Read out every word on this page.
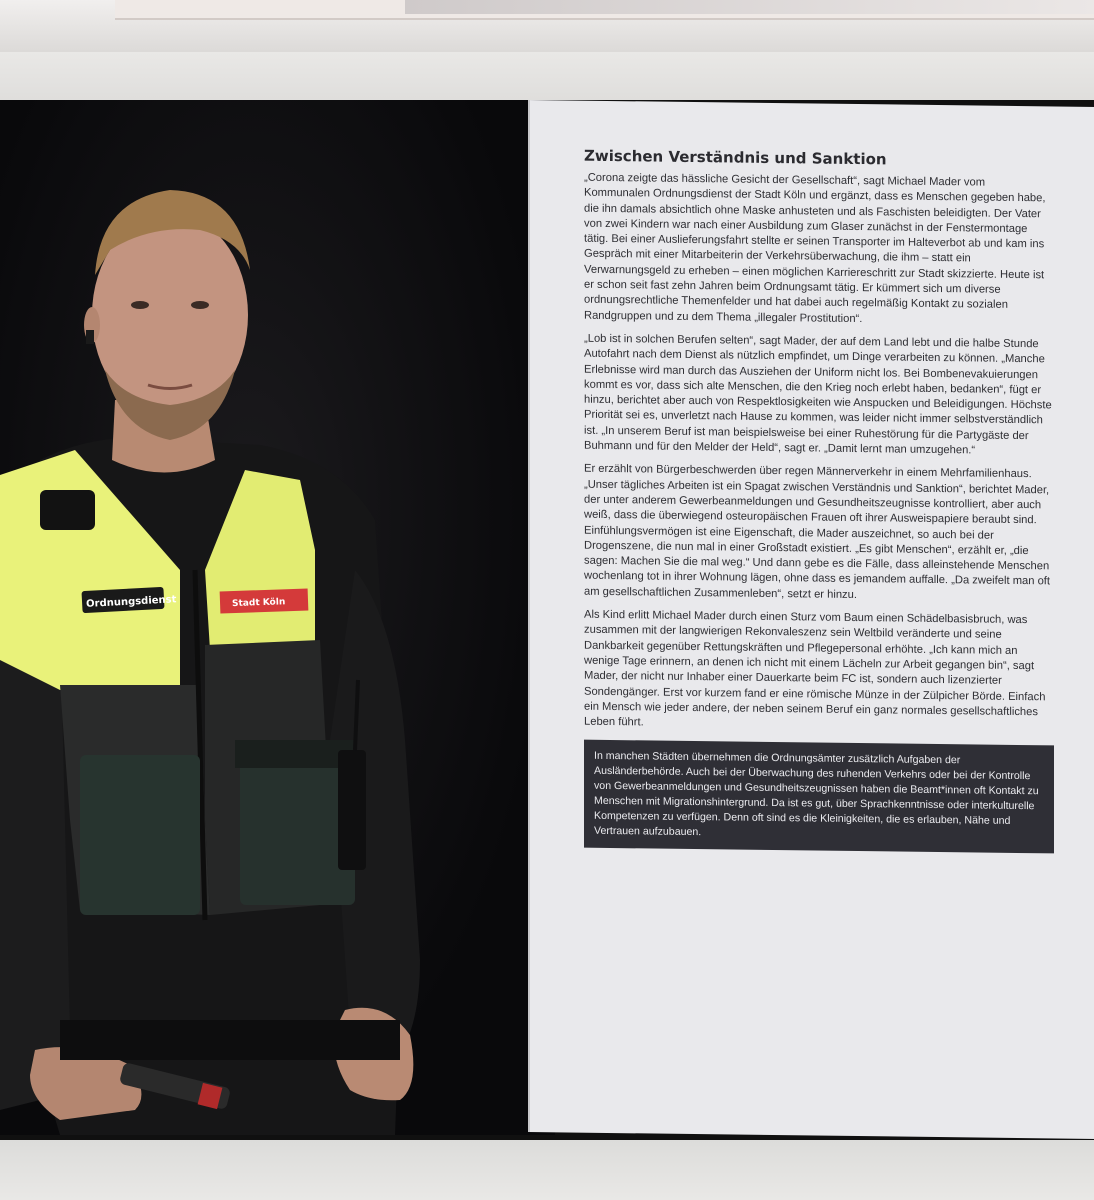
Ordnungsdienst	Stadt Köln
Zwischen Verständnis und Sanktion

„Corona zeigte das hässliche Gesicht der Gesellschaft“, sagt Michael Mader vom Kommunalen Ordnungsdienst der Stadt Köln und ergänzt, dass es Menschen gegeben habe, die ihn damals absichtlich ohne Maske anhusteten und als Faschisten beleidigten. Der Vater von zwei Kindern war nach einer Ausbildung zum Glaser zunächst in der Fenstermontage tätig. Bei einer Auslieferungsfahrt stellte er seinen Transporter im Halteverbot ab und kam ins Gespräch mit einer Mitarbeiterin der Verkehrsüberwachung, die ihm – statt ein Verwarnungsgeld zu erheben – einen möglichen Karriereschritt zur Stadt skizzierte. Heute ist er schon seit fast zehn Jahren beim Ordnungsamt tätig. Er kümmert sich um diverse ordnungsrechtliche Themenfelder und hat dabei auch regelmäßig Kontakt zu sozialen Randgruppen und zu dem Thema „illegaler Prostitution“.

„Lob ist in solchen Berufen selten“, sagt Mader, der auf dem Land lebt und die halbe Stunde Autofahrt nach dem Dienst als nützlich empfindet, um Dinge verarbeiten zu können. „Manche Erlebnisse wird man durch das Ausziehen der Uniform nicht los. Bei Bombenevakuierungen kommt es vor, dass sich alte Menschen, die den Krieg noch erlebt haben, bedanken“, fügt er hinzu, berichtet aber auch von Respektlosigkeiten wie Anspucken und Beleidigungen. Höchste Priorität sei es, unverletzt nach Hause zu kommen, was leider nicht immer selbstverständlich ist. „In unserem Beruf ist man beispielsweise bei einer Ruhestörung für die Partygäste der Buhmann und für den Melder der Held“, sagt er. „Damit lernt man umzugehen.“

Er erzählt von Bürgerbeschwerden über regen Männerverkehr in einem Mehrfamilienhaus. „Unser tägliches Arbeiten ist ein Spagat zwischen Verständnis und Sanktion“, berichtet Mader, der unter anderem Gewerbeanmeldungen und Gesundheitszeugnisse kontrolliert, aber auch weiß, dass die überwiegend osteuropäischen Frauen oft ihrer Ausweispapiere beraubt sind. Einfühlungsvermögen ist eine Eigenschaft, die Mader auszeichnet, so auch bei der Drogenszene, die nun mal in einer Großstadt existiert. „Es gibt Menschen“, erzählt er, „die sagen: Machen Sie die mal weg.“ Und dann gebe es die Fälle, dass alleinstehende Menschen wochenlang tot in ihrer Wohnung lägen, ohne dass es jemandem auffalle. „Da zweifelt man oft am gesellschaftlichen Zusammenleben“, setzt er hinzu.

Als Kind erlitt Michael Mader durch einen Sturz vom Baum einen Schädelbasisbruch, was zusammen mit der langwierigen Rekonvaleszenz sein Weltbild veränderte und seine Dankbarkeit gegenüber Rettungskräften und Pflegepersonal erhöhte. „Ich kann mich an wenige Tage erinnern, an denen ich nicht mit einem Lächeln zur Arbeit gegangen bin“, sagt Mader, der nicht nur Inhaber einer Dauerkarte beim FC ist, sondern auch lizenzierter Sondengänger. Erst vor kurzem fand er eine römische Münze in der Zülpicher Börde. Einfach ein Mensch wie jeder andere, der neben seinem Beruf ein ganz normales gesellschaftliches Leben führt.

In manchen Städten übernehmen die Ordnungsämter zusätzlich Aufgaben der Ausländerbehörde. Auch bei der Überwachung des ruhenden Verkehrs oder bei der Kontrolle von Gewerbeanmeldungen und Gesundheitszeugnissen haben die Beamt*innen oft Kontakt zu Menschen mit Migrationshintergrund. Da ist es gut, über Sprachkenntnisse oder interkulturelle Kompetenzen zu verfügen. Denn oft sind es die Kleinigkeiten, die es erlauben, Nähe und Vertrauen aufzubauen.
